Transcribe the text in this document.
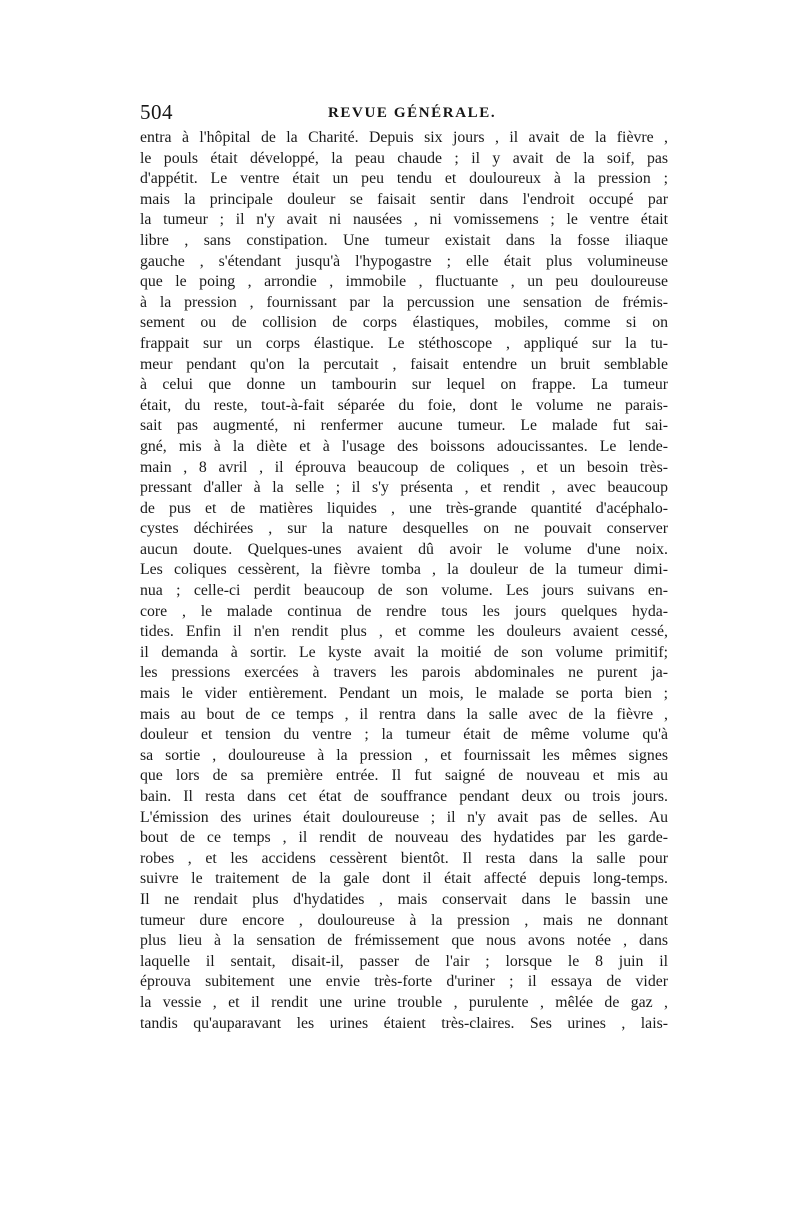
504	REVUE GÉNÉRALE.
entra à l'hôpital de la Charité. Depuis six jours , il avait de la fièvre ,
le pouls était développé, la peau chaude ; il y avait de la soif, pas
d'appétit. Le ventre était un peu tendu et douloureux à la pression ;
mais la principale douleur se faisait sentir dans l'endroit occupé par
la tumeur ; il n'y avait ni nausées , ni vomissemens ; le ventre était
libre , sans constipation. Une tumeur existait dans la fosse iliaque
gauche , s'étendant jusqu'à l'hypogastre ; elle était plus volumineuse
que le poing , arrondie , immobile , fluctuante , un peu douloureuse
à la pression , fournissant par la percussion une sensation de frémis-
sement ou de collision de corps élastiques, mobiles, comme si on
frappait sur un corps élastique. Le stéthoscope , appliqué sur la tu-
meur pendant qu'on la percutait , faisait entendre un bruit semblable
à celui que donne un tambourin sur lequel on frappe. La tumeur
était, du reste, tout-à-fait séparée du foie, dont le volume ne parais-
sait pas augmenté, ni renfermer aucune tumeur. Le malade fut sai-
gné, mis à la diète et à l'usage des boissons adoucissantes. Le lende-
main , 8 avril , il éprouva beaucoup de coliques , et un besoin très-
pressant d'aller à la selle ; il s'y présenta , et rendit , avec beaucoup
de pus et de matières liquides , une très-grande quantité d'acéphalo-
cystes déchirées , sur la nature desquelles on ne pouvait conserver
aucun doute. Quelques-unes avaient dû avoir le volume d'une noix.
Les coliques cessèrent, la fièvre tomba , la douleur de la tumeur dimi-
nua ; celle-ci perdit beaucoup de son volume. Les jours suivans en-
core , le malade continua de rendre tous les jours quelques hyda-
tides. Enfin il n'en rendit plus , et comme les douleurs avaient cessé,
il demanda à sortir. Le kyste avait la moitié de son volume primitif;
les pressions exercées à travers les parois abdominales ne purent ja-
mais le vider entièrement. Pendant un mois, le malade se porta bien ;
mais au bout de ce temps , il rentra dans la salle avec de la fièvre ,
douleur et tension du ventre ; la tumeur était de même volume qu'à
sa sortie , douloureuse à la pression , et fournissait les mêmes signes
que lors de sa première entrée. Il fut saigné de nouveau et mis au
bain. Il resta dans cet état de souffrance pendant deux ou trois jours.
L'émission des urines était douloureuse ; il n'y avait pas de selles. Au
bout de ce temps , il rendit de nouveau des hydatides par les garde-
robes , et les accidens cessèrent bientôt. Il resta dans la salle pour
suivre le traitement de la gale dont il était affecté depuis long-temps.
Il ne rendait plus d'hydatides , mais conservait dans le bassin une
tumeur dure encore , douloureuse à la pression , mais ne donnant
plus lieu à la sensation de frémissement que nous avons notée , dans
laquelle il sentait, disait-il, passer de l'air ; lorsque le 8 juin il
éprouva subitement une envie très-forte d'uriner ; il essaya de vider
la vessie , et il rendit une urine trouble , purulente , mêlée de gaz ,
tandis qu'auparavant les urines étaient très-claires. Ses urines , lais-
